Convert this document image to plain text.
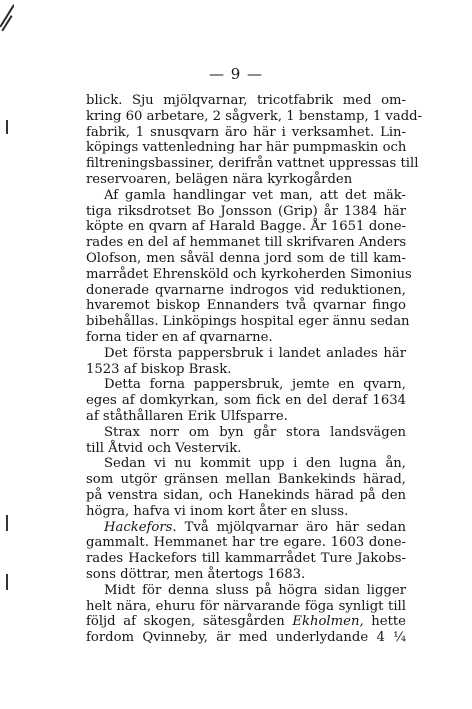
— 9 —
blick. Sju mjölqvarnar, tricotfabrik med om-
kring 60 arbetare, 2 sågverk, 1 benstamp, 1 vadd-
fabrik, 1 snusqvarn äro här i verksamhet. Lin-
köpings vattenledning har här pumpmaskin och
filtreningsbassiner, derifrån vattnet uppressas till
reservoaren, belägen nära kyrkogården
Af gamla handlingar vet man, att det mäk-
tiga riksdrotset Bo Jonsson (Grip) år 1384 här
köpte en qvarn af Harald Bagge. År 1651 done-
rades en del af hemmanet till skrifvaren Anders
Olofson, men såväl denna jord som de till kam-
marrådet Ehrensköld och kyrkoherden Simonius
donerade qvarnarne indrogos vid reduktionen,
hvaremot biskop Ennanders två qvarnar fingo
bibehållas. Linköpings hospital eger ännu sedan
forna tider en af qvarnarne.
Det första pappersbruk i landet anlades här
1523 af biskop Brask.
Detta forna pappersbruk, jemte en qvarn,
eges af domkyrkan, som fick en del deraf 1634
af ståthållaren Erik Ulfsparre.
Strax norr om byn går stora landsvägen
till Åtvid och Vestervik.
Sedan vi nu kommit upp i den lugna ån,
som utgör gränsen mellan Bankekinds härad,
på venstra sidan, och Hanekinds härad på den
högra, hafva vi inom kort åter en sluss.
Hackefors. Två mjölqvarnar äro här sedan
gammalt. Hemmanet har tre egare. 1603 done-
rades Hackefors till kammarrådet Ture Jakobs-
sons döttrar, men återtogs 1683.
Midt för denna sluss på högra sidan ligger
helt nära, ehuru för närvarande föga synligt till
följd af skogen, sätesgården Ekholmen, hette
fordom Qvinneby, är med underlydande 4 ¼
